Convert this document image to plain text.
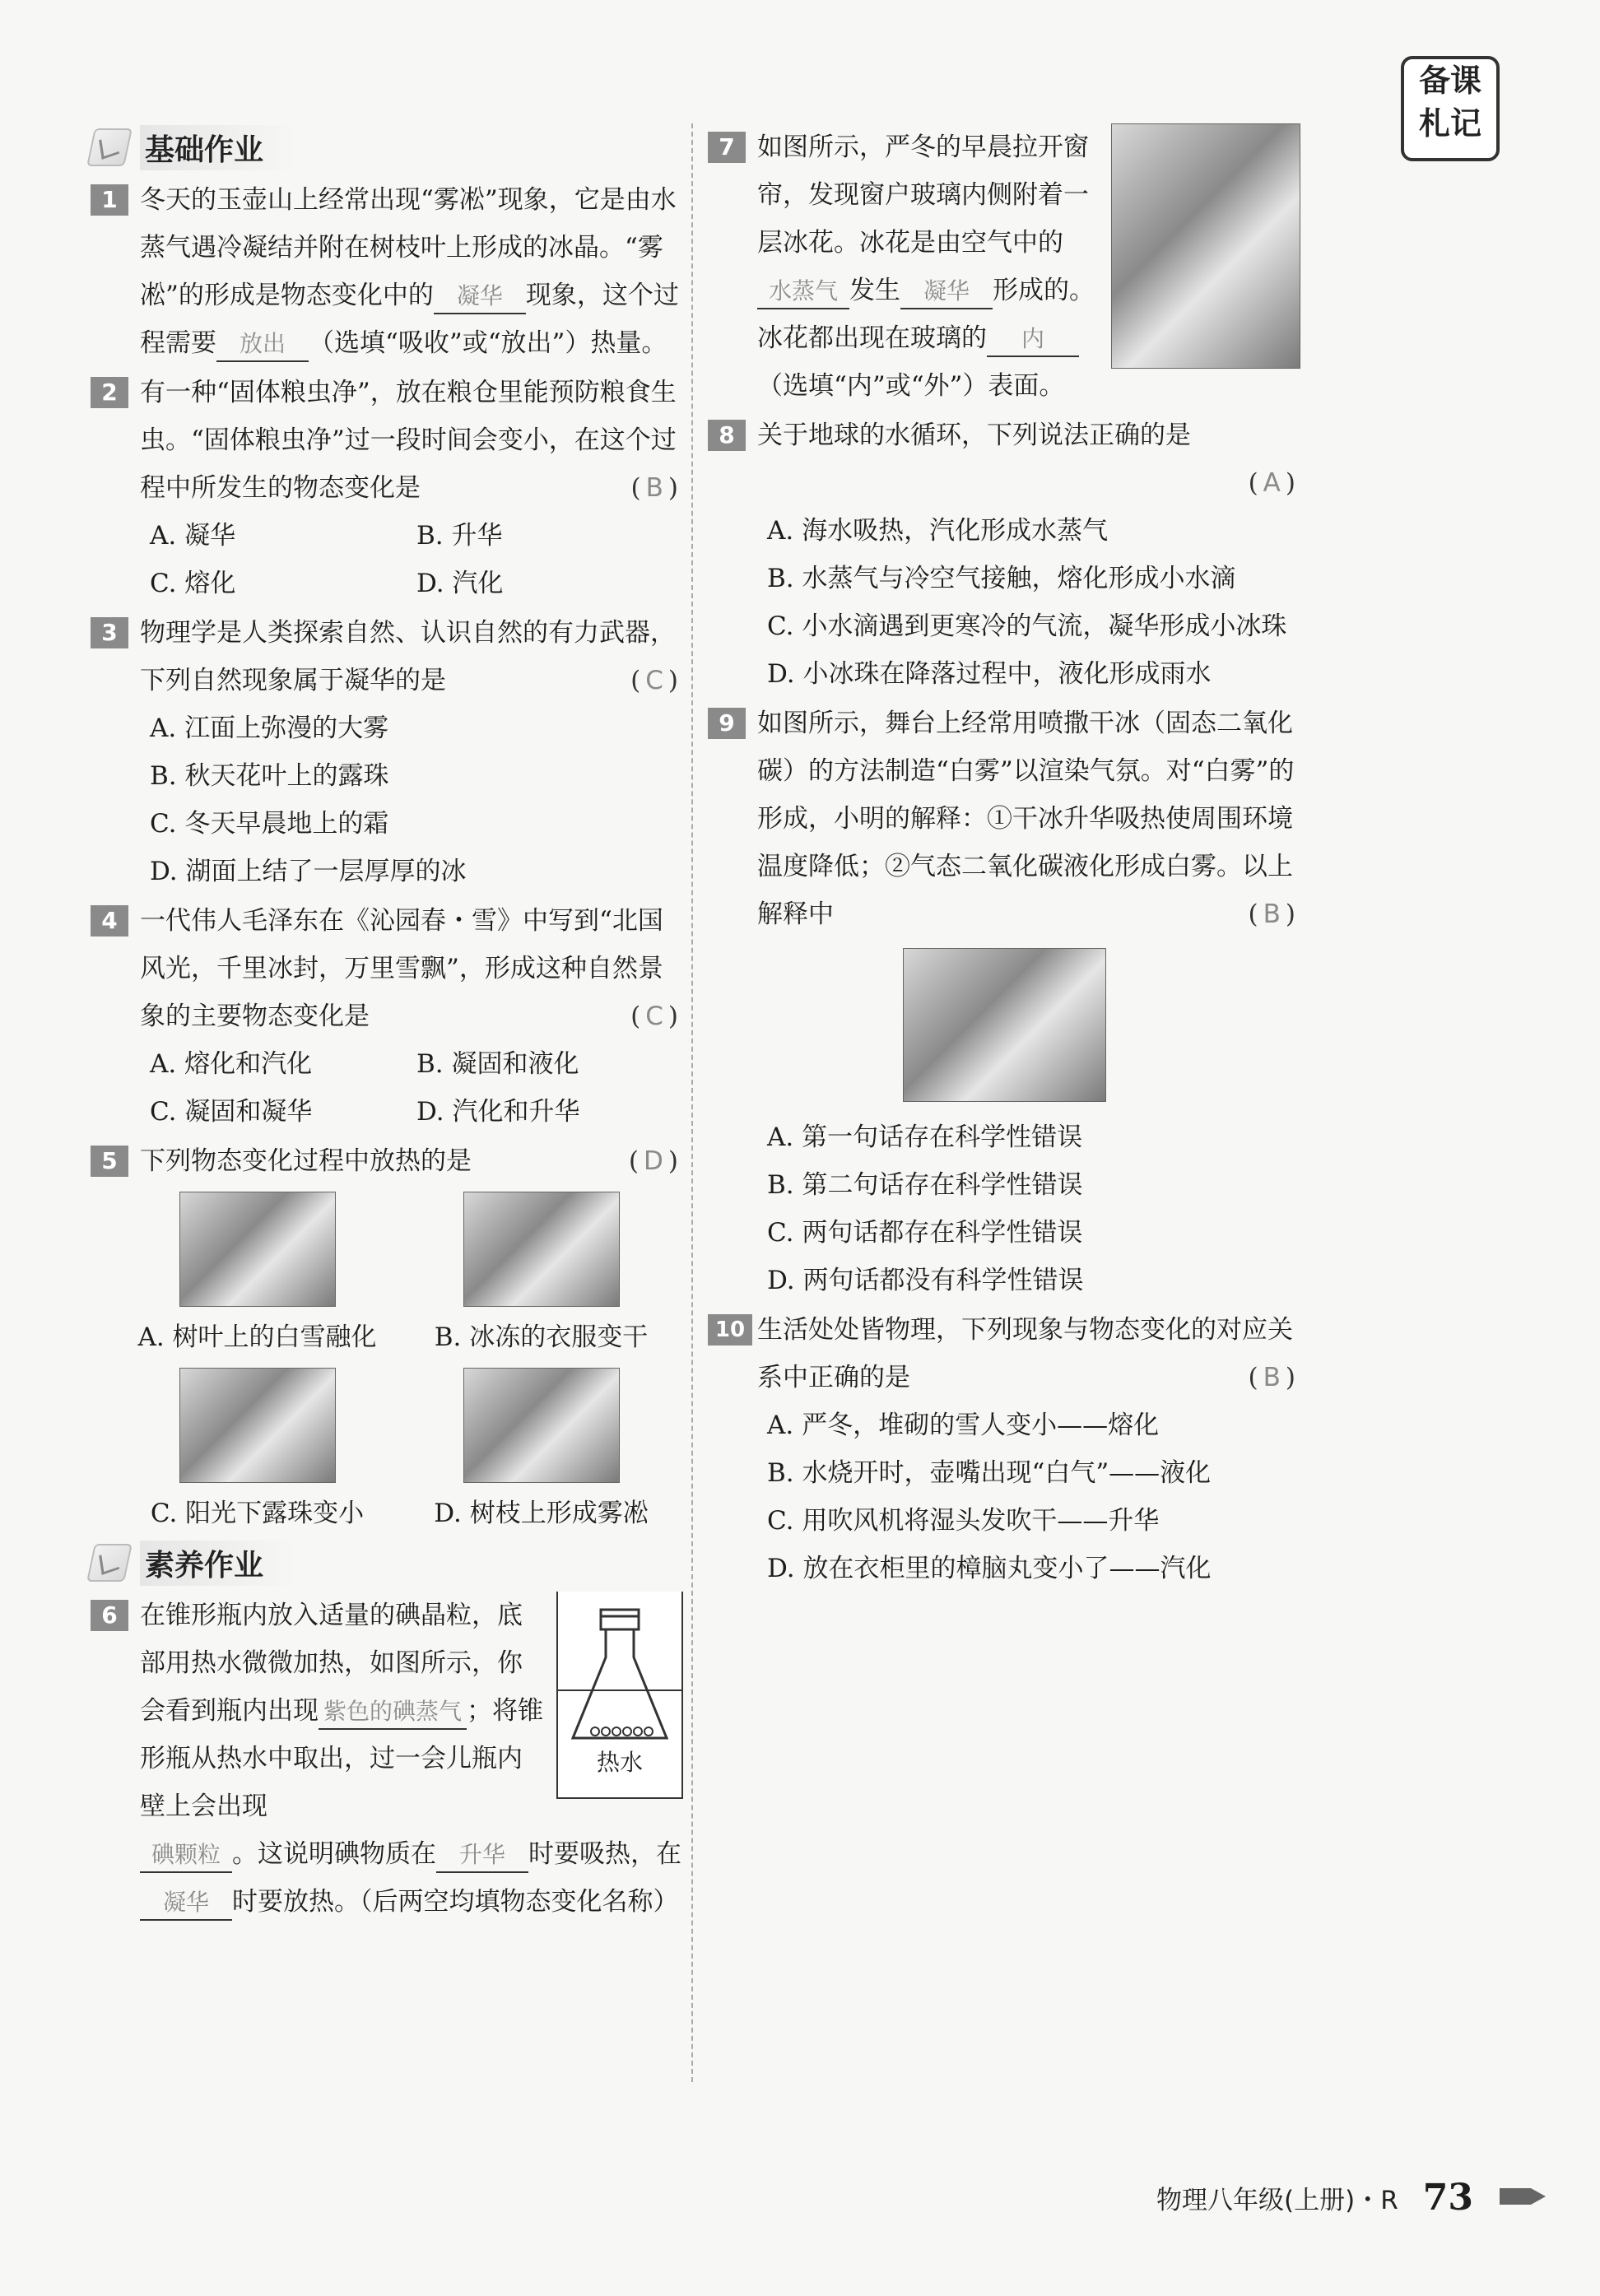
备课
札记
基础作业
1 冬天的玉壶山上经常出现“雾凇”现象，它是由水蒸气遇冷凝结并附在树枝叶上形成的冰晶。“雾凇”的形成是物态变化中的 凝华 现象，这个过程需要 放出 （选填“吸收”或“放出”）热量。
2 有一种“固体粮虫净”，放在粮仓里能预防粮食生虫。“固体粮虫净”过一段时间会变小，在这个过程中所发生的物态变化是	(B)
A. 凝华	B. 升华
C. 熔化	D. 汽化
3 物理学是人类探索自然、认识自然的有力武器，下列自然现象属于凝华的是	(C)
A. 江面上弥漫的大雾
B. 秋天花叶上的露珠
C. 冬天早晨地上的霜
D. 湖面上结了一层厚厚的冰
4 一代伟人毛泽东在《沁园春・雪》中写到“北国风光，千里冰封，万里雪飘”，形成这种自然景象的主要物态变化是	(C)
A. 熔化和汽化	B. 凝固和液化
C. 凝固和凝华	D. 汽化和升华
5 下列物态变化过程中放热的是	(D)
A. 树叶上的白雪融化	B. 冰冻的衣服变干
C. 阳光下露珠变小	D. 树枝上形成雾凇
素养作业
6
热水
在锥形瓶内放入适量的碘晶粒，底部用热水微微加热，如图所示，你会看到瓶内出现 紫色的碘蒸气 ；将锥形瓶从热水中取出，过一会儿瓶内壁上会出现
碘颗粒 。这说明碘物质在 升华 时要吸热，在凝华 时要放热。（后两空均填物态变化名称）
7 如图所示，严冬的早晨拉开窗帘，发现窗户玻璃内侧附着一层冰花。冰花是由空气中的水蒸气 发生 凝华 形成的。冰花都出现在玻璃的 内（选填“内”或“外”）表面。
8 关于地球的水循环，下列说法正确的是
(A)
A. 海水吸热，汽化形成水蒸气
B. 水蒸气与冷空气接触，熔化形成小水滴
C. 小水滴遇到更寒冷的气流，凝华形成小冰珠
D. 小冰珠在降落过程中，液化形成雨水
9 如图所示，舞台上经常用喷撒干冰（固态二氧化碳）的方法制造“白雾”以渲染气氛。对“白雾”的形成，小明的解释：①干冰升华吸热使周围环境温度降低；②气态二氧化碳液化形成白雾。以上解释中	(B)
A. 第一句话存在科学性错误
B. 第二句话存在科学性错误
C. 两句话都存在科学性错误
D. 两句话都没有科学性错误
10 生活处处皆物理，下列现象与物态变化的对应关系中正确的是	(B)
A. 严冬，堆砌的雪人变小——熔化
B. 水烧开时，壶嘴出现“白气”——液化
C. 用吹风机将湿头发吹干——升华
D. 放在衣柜里的樟脑丸变小了——汽化
物理八年级(上册)・R 73
